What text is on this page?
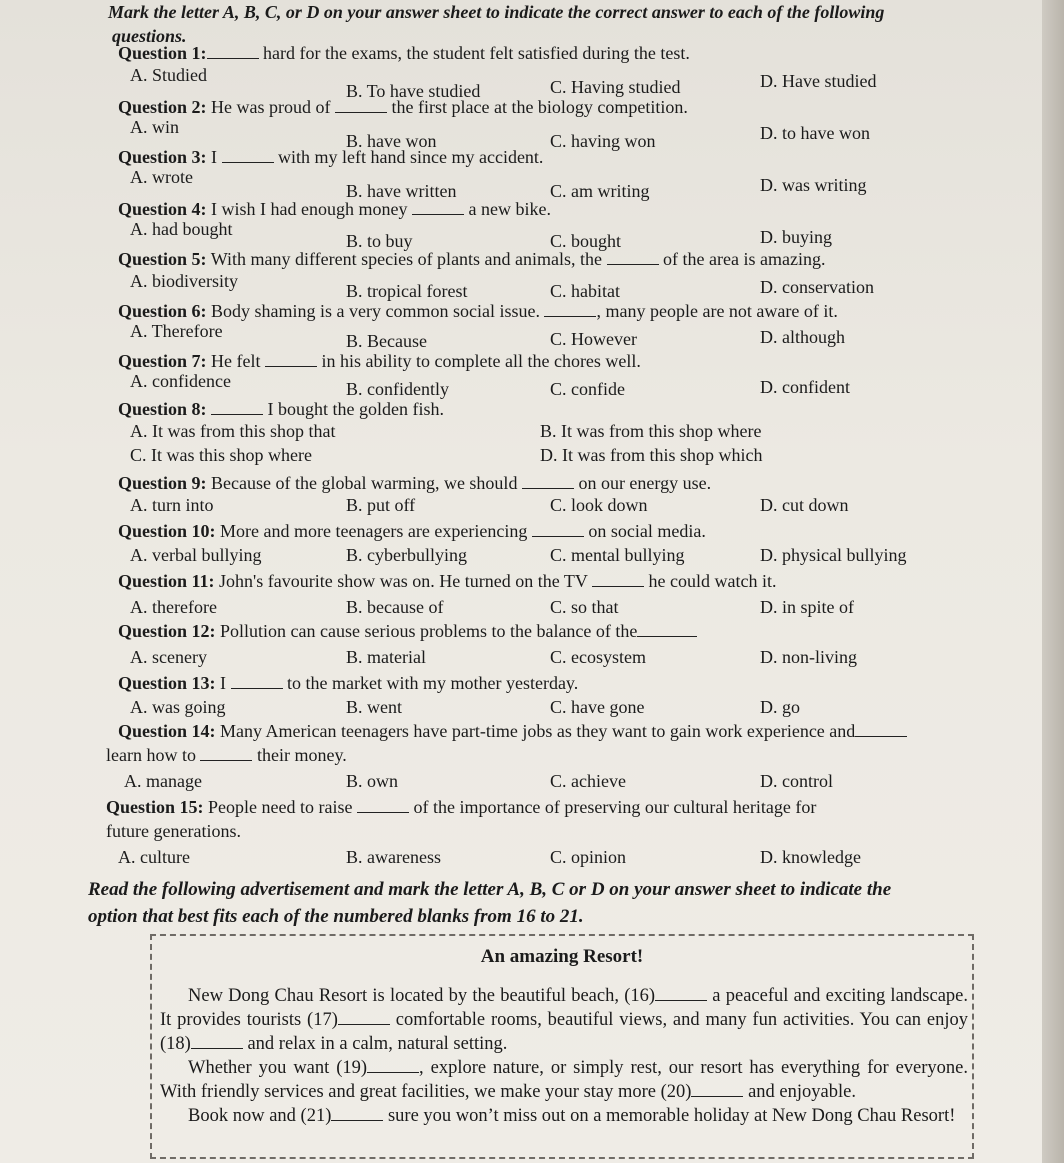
Mark the letter A, B, C, or D on your answer sheet to indicate the correct answer to each of the following
questions.
Question 1:	hard for the exams, the student felt satisfied during the test.
A. Studied
B. To have studied	C. Having studied	D. Have studied
Question 2: He was proud of	the first place at the biology competition.
A. win
B. have won	C. having won	D. to have won
Question 3: I	with my left hand since my accident.
A. wrote
B. have written	C. am writing	D. was writing
Question 4: I wish I had enough money	a new bike.
A. had bought
B. to buy	C. bought	D. buying
Question 5: With many different species of plants and animals, the	of the area is amazing.
A. biodiversity	B. tropical forest	C. habitat	D. conservation
Question 6: Body shaming is a very common social issue.	, many people are not aware of it.
A. Therefore	B. Because	C. However	D. although
Question 7: He felt	in his ability to complete all the chores well.
A. confidence	B. confidently	C. confide	D. confident
Question 8:	I bought the golden fish.
A. It was from this shop that	B. It was from this shop where
C. It was this shop where	D. It was from this shop which
Question 9: Because of the global warming, we should	on our energy use.
A. turn into	B. put off	C. look down	D. cut down
Question 10: More and more teenagers are experiencing	on social media.
A. verbal bullying	B. cyberbullying	C. mental bullying	D. physical bullying
Question 11: John's favourite show was on. He turned on the TV	he could watch it.
A. therefore	B. because of	C. so that	D. in spite of
Question 12: Pollution can cause serious problems to the balance of the
A. scenery	B. material	C. ecosystem	D. non-living
Question 13: I	to the market with my mother yesterday.
A. was going	B. went	C. have gone	D. go
Question 14: Many American teenagers have part-time jobs as they want to gain work experience and
learn how to	their money.
A. manage	B. own	C. achieve	D. control
Question 15: People need to raise	of the importance of preserving our cultural heritage for
future generations.
A. culture	B. awareness	C. opinion	D. knowledge
Read the following advertisement and mark the letter A, B, C or D on your answer sheet to indicate the
option that best fits each of the numbered blanks from 16 to 21.
An amazing Resort!

New Dong Chau Resort is located by the beautiful beach, (16)	a peaceful and exciting landscape. It provides tourists (17)	comfortable rooms, beautiful views, and many fun activities. You can enjoy (18)	and relax in a calm, natural setting.

Whether you want (19)	, explore nature, or simply rest, our resort has everything for everyone. With friendly services and great facilities, we make your stay more (20)	and enjoyable.

Book now and (21)	sure you won’t miss out on a memorable holiday at New Dong Chau Resort!
